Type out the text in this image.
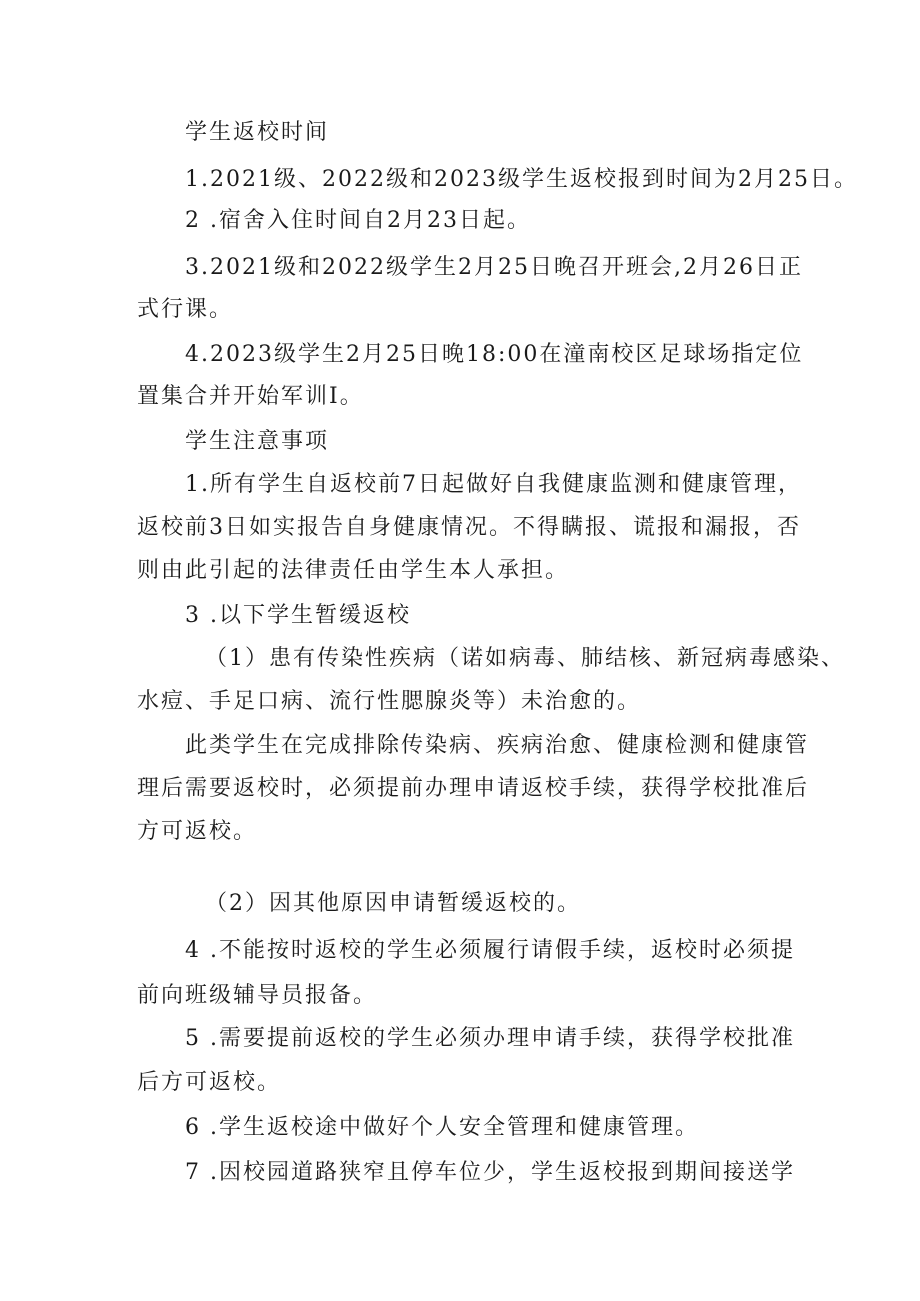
学生返校时间

1.2021级、2022级和2023级学生返校报到时间为2月25日。

2 .宿舍入住时间自2月23日起。

3.2021级和2022级学生2月25日晚召开班会,2月26日正

式行课。

4.2023级学生2月25日晚18:00在潼南校区足球场指定位

置集合并开始军训I。

学生注意事项

1.所有学生自返校前7日起做好自我健康监测和健康管理，

返校前3日如实报告自身健康情况。不得瞒报、谎报和漏报，否

则由此引起的法律责任由学生本人承担。

3 .以下学生暂缓返校

（1）患有传染性疾病（诺如病毒、肺结核、新冠病毒感染、

水痘、手足口病、流行性腮腺炎等）未治愈的。

此类学生在完成排除传染病、疾病治愈、健康检测和健康管

理后需要返校时，必须提前办理申请返校手续，获得学校批准后

方可返校。

（2）因其他原因申请暂缓返校的。

4 .不能按时返校的学生必须履行请假手续，返校时必须提

前向班级辅导员报备。

5 .需要提前返校的学生必须办理申请手续，获得学校批准

后方可返校。

6 .学生返校途中做好个人安全管理和健康管理。

7 .因校园道路狭窄且停车位少，学生返校报到期间接送学
